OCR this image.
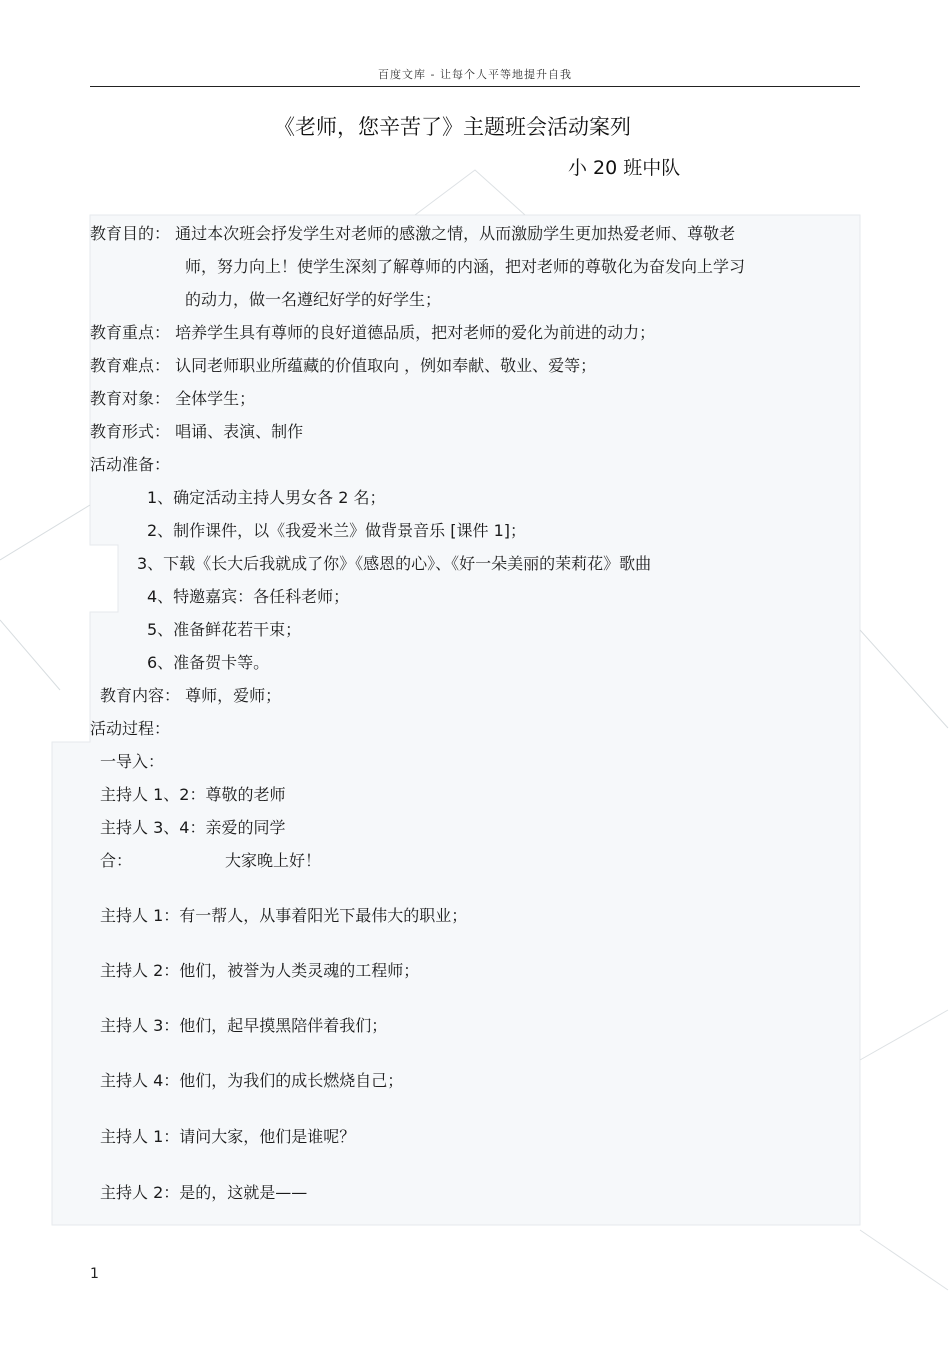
百度文库 - 让每个人平等地提升自我
《老师，您辛苦了》主题班会活动案列
小 20 班中队
教育目的： 通过本次班会抒发学生对老师的感激之情，从而激励学生更加热爱老师、尊敬老
师，努力向上！使学生深刻了解尊师的内涵，把对老师的尊敬化为奋发向上学习
的动力，做一名遵纪好学的好学生；
教育重点： 培养学生具有尊师的良好道德品质，把对老师的爱化为前进的动力；
教育难点： 认同老师职业所蕴藏的价值取向 ，例如奉献、敬业、爱等；
教育对象： 全体学生；
教育形式： 唱诵、表演、制作
活动准备：
1、确定活动主持人男女各 2 名；
2、制作课件，以《我爱米兰》做背景音乐 [课件 1]；
3、下载《长大后我就成了你》《感恩的心》、《好一朵美丽的茉莉花》歌曲
4、特邀嘉宾：各任科老师；
5、准备鲜花若干束；
6、准备贺卡等。
教育内容： 尊师，爱师；
活动过程：
一导入：
主持人 1、2：尊敬的老师
主持人 3、4：亲爱的同学
合：	大家晚上好！
主持人 1：有一帮人，从事着阳光下最伟大的职业；
主持人 2：他们，被誉为人类灵魂的工程师；
主持人 3：他们，起早摸黑陪伴着我们；
主持人 4：他们，为我们的成长燃烧自己；
主持人 1：请问大家，他们是谁呢？
主持人 2：是的，这就是——
1
